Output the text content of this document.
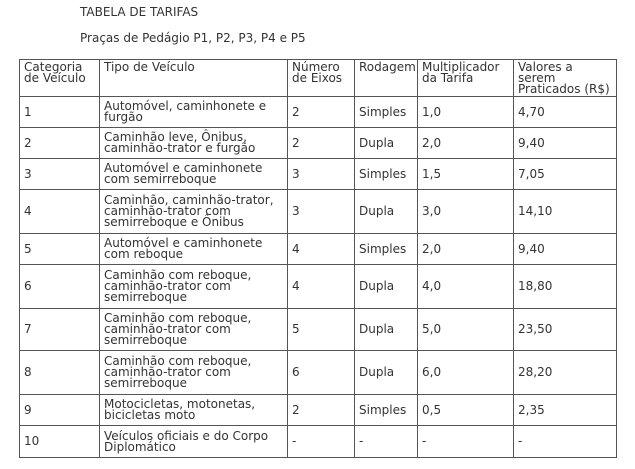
TABELA DE TARIFAS
Praças de Pedágio P1, P2, P3, P4 e P5
Categoria de Veículo	Tipo de Veículo	Número de Eixos	Rodagem	Multiplicador da Tarifa	Valores a serem Praticados (R$)
1	Automóvel, caminhonete e furgão	2	Simples	1,0	4,70
2	Caminhão leve, Ônibus, caminhão-trator e furgão	2	Dupla	2,0	9,40
3	Automóvel e caminhonete com semirreboque	3	Simples	1,5	7,05
4	Caminhão, caminhão-trator, caminhão-trator com semirreboque e Ônibus	3	Dupla	3,0	14,10
5	Automóvel e caminhonete com reboque	4	Simples	2,0	9,40
6	Caminhão com reboque, caminhão-trator com semirreboque	4	Dupla	4,0	18,80
7	Caminhão com reboque, caminhão-trator com semirreboque	5	Dupla	5,0	23,50
8	Caminhão com reboque, caminhão-trator com semirreboque	6	Dupla	6,0	28,20
9	Motocicletas, motonetas, bicicletas moto	2	Simples	0,5	2,35
10	Veículos oficiais e do Corpo Diplomático	-	-	-	-
